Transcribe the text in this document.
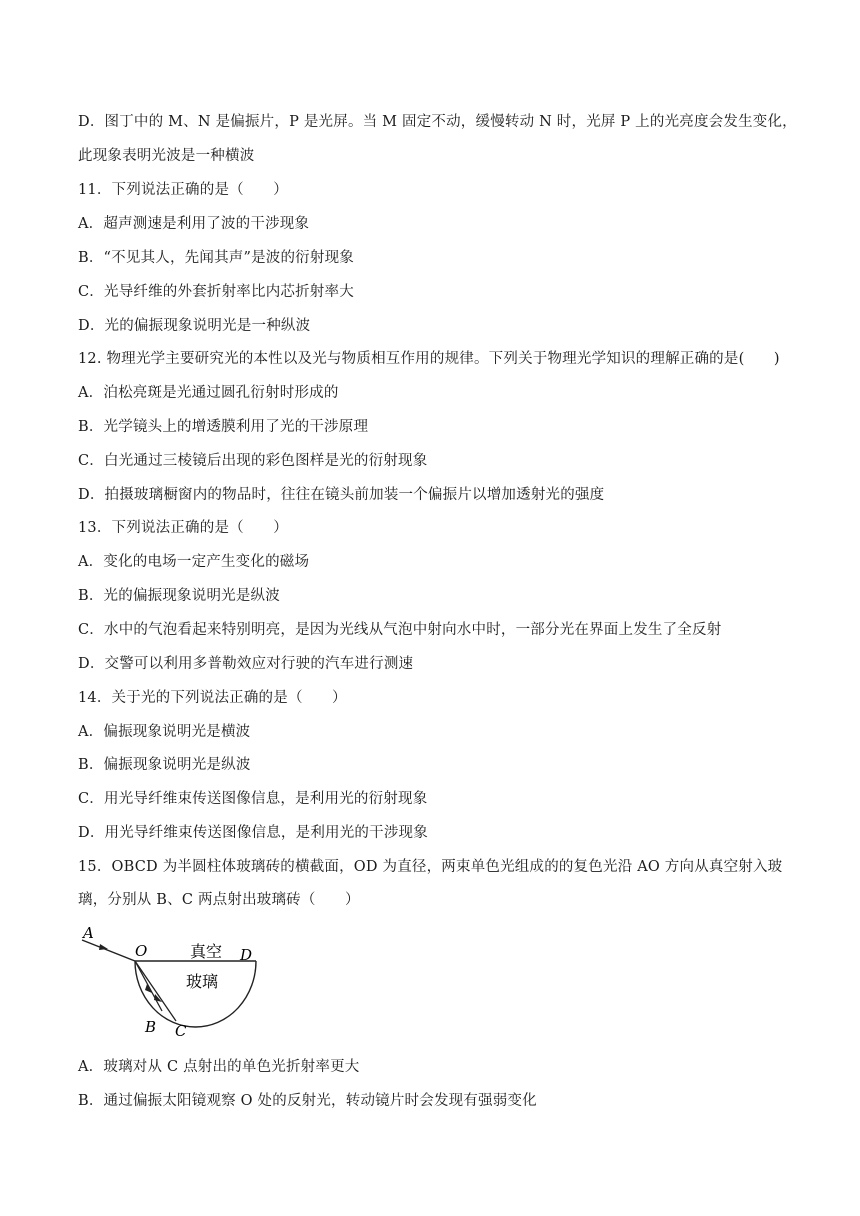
D．图丁中的 M、N 是偏振片，P 是光屏。当 M 固定不动，缓慢转动 N 时，光屏 P 上的光亮度会发生变化，
此现象表明光波是一种横波
11．下列说法正确的是（　　）
A．超声测速是利用了波的干涉现象
B．“不见其人，先闻其声”是波的衍射现象
C．光导纤维的外套折射率比内芯折射率大
D．光的偏振现象说明光是一种纵波
12. 物理光学主要研究光的本性以及光与物质相互作用的规律。下列关于物理光学知识的理解正确的是(　　)
A．泊松亮斑是光通过圆孔衍射时形成的
B．光学镜头上的增透膜利用了光的干涉原理
C．白光通过三棱镜后出现的彩色图样是光的衍射现象
D．拍摄玻璃橱窗内的物品时，往往在镜头前加装一个偏振片以增加透射光的强度
13．下列说法正确的是（　　）
A．变化的电场一定产生变化的磁场
B．光的偏振现象说明光是纵波
C．水中的气泡看起来特别明亮，是因为光线从气泡中射向水中时，一部分光在界面上发生了全反射
D．交警可以利用多普勒效应对行驶的汽车进行测速
14．关于光的下列说法正确的是（　　）
A．偏振现象说明光是横波
B．偏振现象说明光是纵波
C．用光导纤维束传送图像信息，是利用光的衍射现象
D．用光导纤维束传送图像信息，是利用光的干涉现象
15．OBCD 为半圆柱体玻璃砖的横截面，OD 为直径，两束单色光组成的的复色光沿 AO 方向从真空射入玻
璃，分别从 B、C 两点射出玻璃砖（　　）
A
O	D
B C
真空
玻璃
A．玻璃对从 C 点射出的单色光折射率更大
B．通过偏振太阳镜观察 O 处的反射光，转动镜片时会发现有强弱变化
